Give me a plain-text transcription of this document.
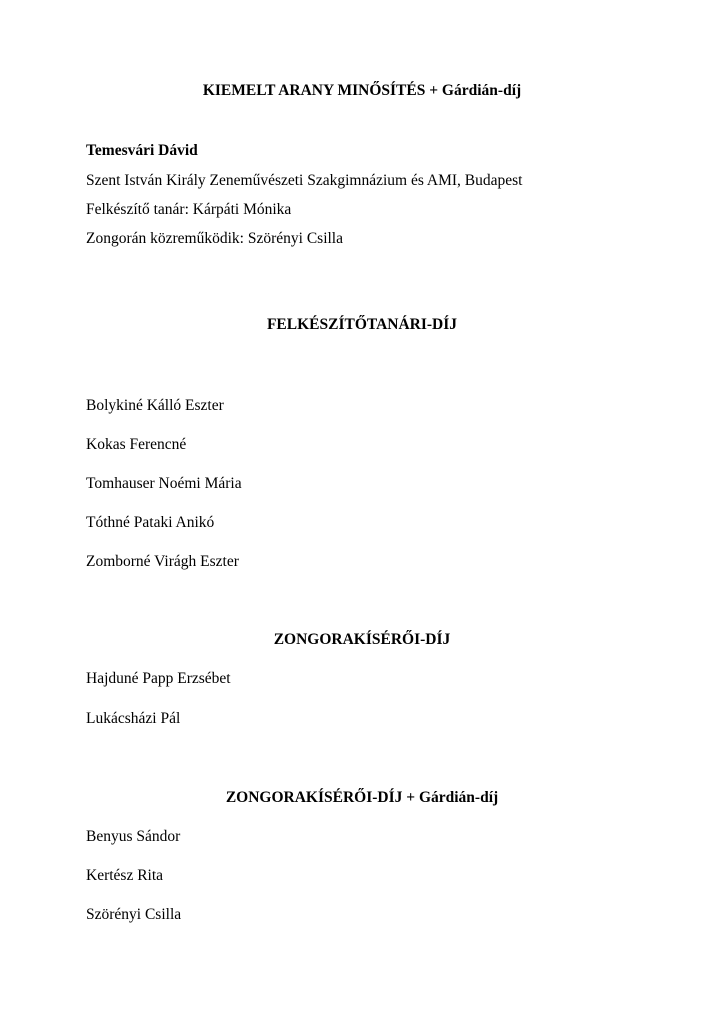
KIEMELT ARANY MINŐSÍTÉS + Gárdián-díj

Temesvári Dávid

Szent István Király Zeneművészeti Szakgimnázium és AMI, Budapest

Felkészítő tanár: Kárpáti Mónika

Zongorán közreműködik: Szörényi Csilla

FELKÉSZÍTŐTANÁRI-DÍJ

Bolykiné Kálló Eszter

Kokas Ferencné

Tomhauser Noémi Mária

Tóthné Pataki Anikó

Zomborné Virágh Eszter

ZONGORAKÍSÉRŐI-DÍJ

Hajduné Papp Erzsébet

Lukácsházi Pál

ZONGORAKÍSÉRŐI-DÍJ + Gárdián-díj

Benyus Sándor

Kertész Rita

Szörényi Csilla
